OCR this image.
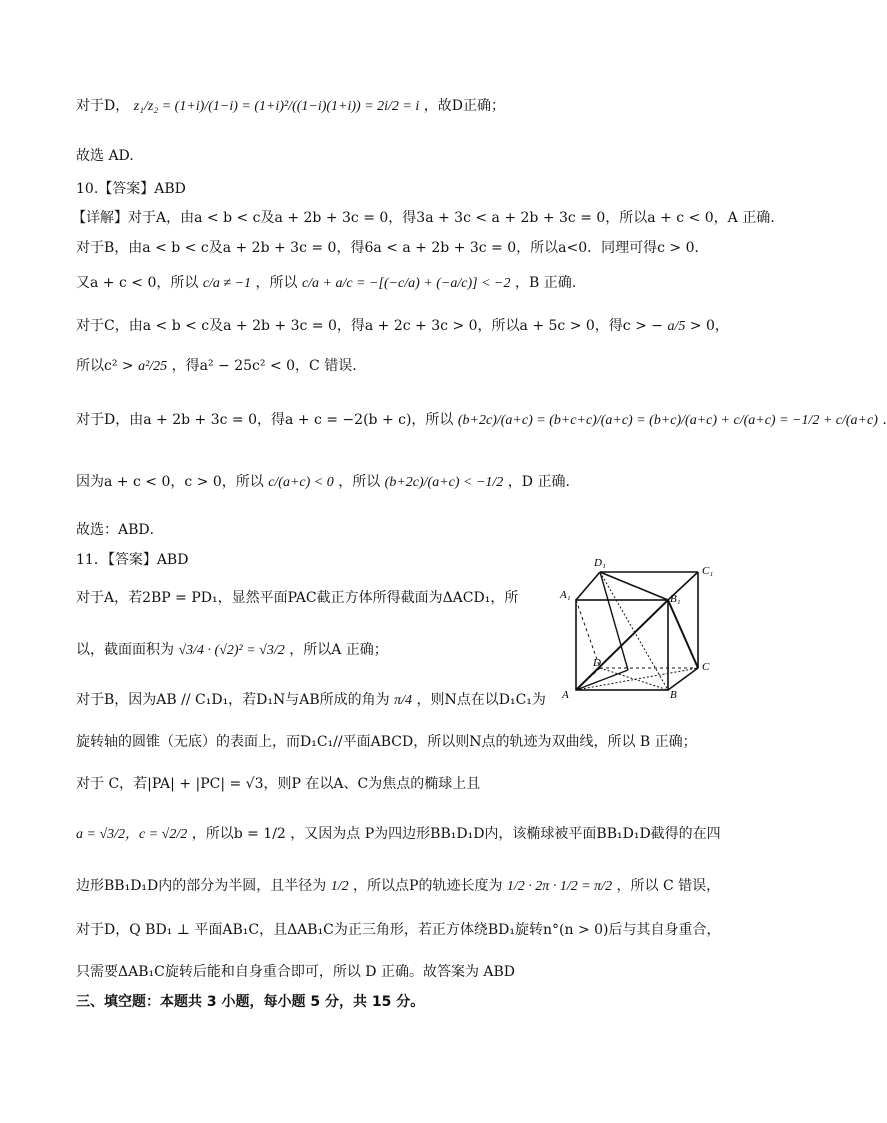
对于D， z₁/z₂ = (1+i)/(1−i) = (1+i)²/((1−i)(1+i)) = 2i/2 = i ，故D正确；
故选 AD.
10.【答案】ABD
【详解】对于A，由a < b < c及a + 2b + 3c = 0，得3a + 3c < a + 2b + 3c = 0，所以a + c < 0，A 正确.
对于B，由a < b < c及a + 2b + 3c = 0，得6a < a + 2b + 3c = 0，所以a<0．同理可得c > 0．
又a + c < 0，所以 c/a ≠ −1 ，所以 c/a + a/c = −[(−c/a) + (−a/c)] < −2 ，B 正确.
对于C，由a < b < c及a + 2b + 3c = 0，得a + 2c + 3c > 0，所以a + 5c > 0，得c > − a/5 > 0，
所以c² > a²/25 ，得a² − 25c² < 0，C 错误.
对于D，由a + 2b + 3c = 0，得a + c = −2(b + c)，所以 (b+2c)/(a+c) = (b+c+c)/(a+c) = (b+c)/(a+c) + c/(a+c) = −1/2 + c/(a+c) .
因为a + c < 0，c > 0，所以 c/(a+c) < 0 ，所以 (b+2c)/(a+c) < −1/2 ，D 正确.
故选：ABD．
11．【答案】ABD
对于A，若2BP = PD₁，显然平面PAC截正方体所得截面为ΔACD₁，所
以，截面面积为 √3/4 · (√2)² = √3/2 ，所以A 正确；
对于B，因为AB // C₁D₁，若D₁N与AB所成的角为 π/4 ，则N点在以D₁C₁为
旋转轴的圆锥（无底）的表面上，而D₁C₁//平面ABCD，所以则N点的轨迹为双曲线，所以 B 正确；
对于 C，若|PA| + |PC| = √3，则P 在以A、C为焦点的椭球上且
a = √3/2，c = √2/2 ，所以b = 1/2 ，又因为点 P为四边形BB₁D₁D内，该椭球被平面BB₁D₁D截得的在四
边形BB₁D₁D内的部分为半圆，且半径为 1/2 ，所以点P的轨迹长度为 1/2 · 2π · 1/2 = π/2 ，所以 C 错误，
对于D，Q BD₁ ⊥ 平面AB₁C，且ΔAB₁C为正三角形，若正方体绕BD₁旋转n°(n > 0)后与其自身重合，
只需要ΔAB₁C旋转后能和自身重合即可，所以 D 正确。故答案为 ABD
三、填空题：本题共 3 小题，每小题 5 分，共 15 分。
D₁
C₁
A₁	B₁
D	C
A	B
